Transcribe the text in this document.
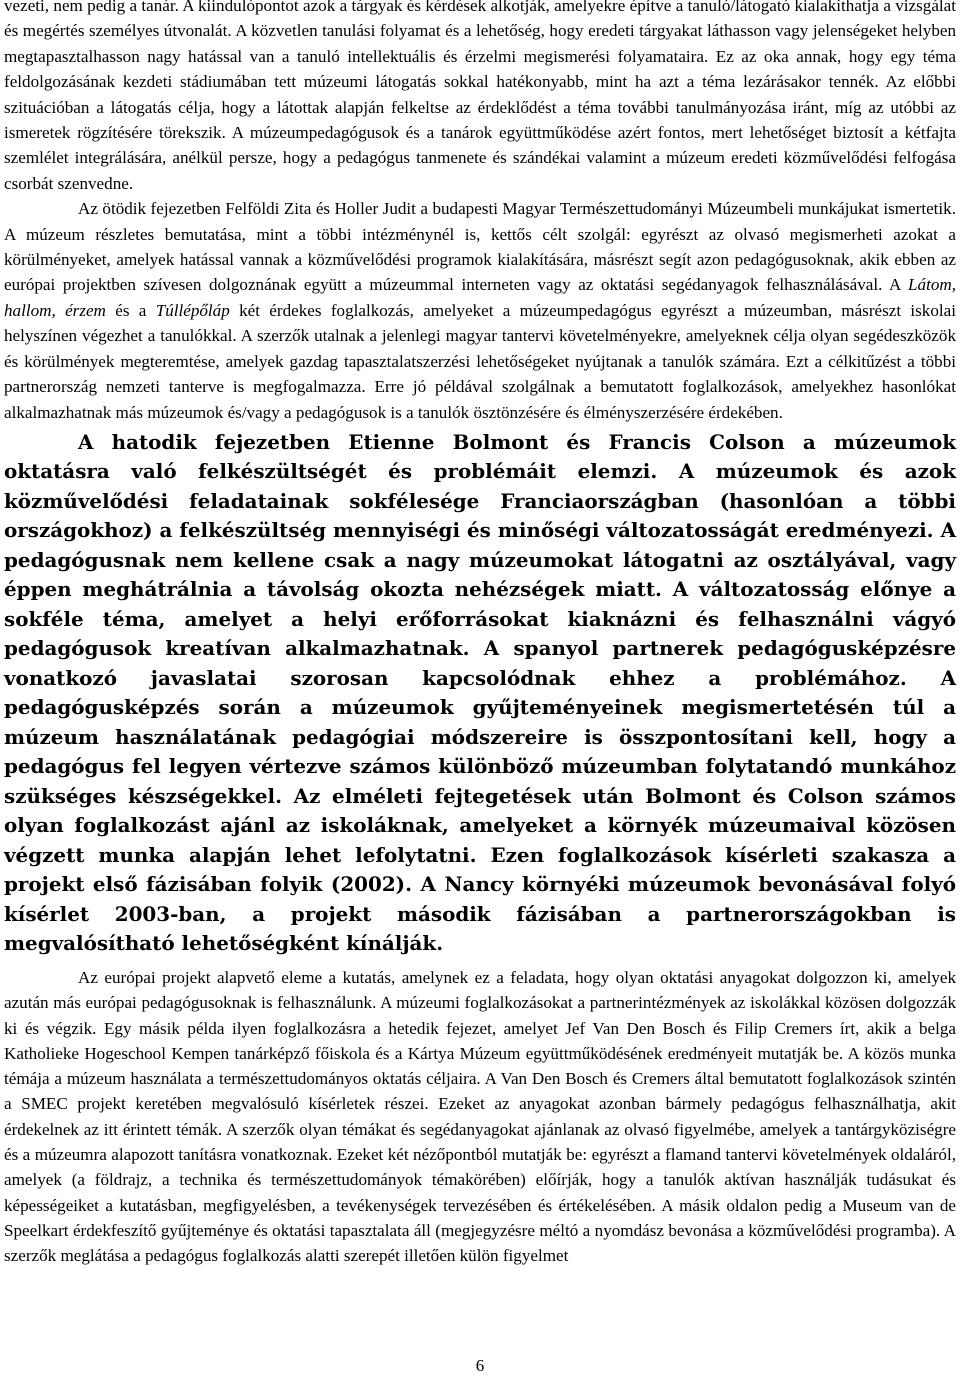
vezeti, nem pedig a tanár. A kiindulópontot azok a tárgyak és kérdések alkotják, amelyekre építve a tanuló/látogató kialakíthatja a vizsgálat és megértés személyes útvonalát. A közvetlen tanulási folyamat és a lehetőség, hogy eredeti tárgyakat láthasson vagy jelenségeket helyben megtapasztalhasson nagy hatással van a tanuló intellektuális és érzelmi megismerési folyamataira. Ez az oka annak, hogy egy téma feldolgozásának kezdeti stádiumában tett múzeumi látogatás sokkal hatékonyabb, mint ha azt a téma lezárásakor tennék. Az előbbi szituációban a látogatás célja, hogy a látottak alapján felkeltse az érdeklődést a téma további tanulmányozása iránt, míg az utóbbi az ismeretek rögzítésére törekszik. A múzeumpedagógusok és a tanárok együttműködése azért fontos, mert lehetőséget biztosít a kétfajta szemlélet integrálására, anélkül persze, hogy a pedagógus tanmenete és szándékai valamint a múzeum eredeti közművelődési felfogása csorbát szenvedne.

Az ötödik fejezetben Felföldi Zita és Holler Judit a budapesti Magyar Természettudományi Múzeumbeli munkájukat ismertetik. A múzeum részletes bemutatása, mint a többi intézménynél is, kettős célt szolgál: egyrészt az olvasó megismerheti azokat a körülményeket, amelyek hatással vannak a közművelődési programok kialakítására, másrészt segít azon pedagógusoknak, akik ebben az európai projektben szívesen dolgoznának együtt a múzeummal interneten vagy az oktatási segédanyagok felhasználásával. A Látom, hallom, érzem és a Túllépőláp két érdekes foglalkozás, amelyeket a múzeumpedagógus egyrészt a múzeumban, másrészt iskolai helyszínen végezhet a tanulókkal. A szerzők utalnak a jelenlegi magyar tantervi követelményekre, amelyeknek célja olyan segédeszközök és körülmények megteremtése, amelyek gazdag tapasztalatszerzési lehetőségeket nyújtanak a tanulók számára. Ezt a célkitűzést a többi partnerország nemzeti tanterve is megfogalmazza. Erre jó példával szolgálnak a bemutatott foglalkozások, amelyekhez hasonlókat alkalmazhatnak más múzeumok és/vagy a pedagógusok is a tanulók ösztönzésére és élményszerzésére érdekében.

A hatodik fejezetben Etienne Bolmont és Francis Colson a múzeumok oktatásra való felkészültségét és problémáit elemzi. A múzeumok és azok közművelődési feladatainak sokfélesége Franciaországban (hasonlóan a többi országokhoz) a felkészültség mennyiségi és minőségi változatosságát eredményezi. A pedagógusnak nem kellene csak a nagy múzeumokat látogatni az osztályával, vagy éppen meghátrálnia a távolság okozta nehézségek miatt. A változatosság előnye a sokféle téma, amelyet a helyi erőforrásokat kiaknázni és felhasználni vágyó pedagógusok kreatívan alkalmazhatnak. A spanyol partnerek pedagógusképzésre vonatkozó javaslatai szorosan kapcsolódnak ehhez a problémához. A pedagógusképzés során a múzeumok gyűjteményeinek megismertetésén túl a múzeum használatának pedagógiai módszereire is összpontosítani kell, hogy a pedagógus fel legyen vértezve számos különböző múzeumban folytatandó munkához szükséges készségekkel. Az elméleti fejtegetések után Bolmont és Colson számos olyan foglalkozást ajánl az iskoláknak, amelyeket a környék múzeumaival közösen végzett munka alapján lehet lefolytatni. Ezen foglalkozások kísérleti szakasza a projekt első fázisában folyik (2002). A Nancy környéki múzeumok bevonásával folyó kísérlet 2003-ban, a projekt második fázisában a partnerországokban is megvalósítható lehetőségként kínálják.

Az európai projekt alapvető eleme a kutatás, amelynek ez a feladata, hogy olyan oktatási anyagokat dolgozzon ki, amelyek azután más európai pedagógusoknak is felhasználunk. A múzeumi foglalkozásokat a partnerintézmények az iskolákkal közösen dolgozzák ki és végzik. Egy másik példa ilyen foglalkozásra a hetedik fejezet, amelyet Jef Van Den Bosch és Filip Cremers írt, akik a belga Katholieke Hogeschool Kempen tanárképző főiskola és a Kártya Múzeum együttműködésének eredményeit mutatják be. A közös munka témája a múzeum használata a természettudományos oktatás céljaira. A Van Den Bosch és Cremers által bemutatott foglalkozások szintén a SMEC projekt keretében megvalósuló kísérletek részei. Ezeket az anyagokat azonban bármely pedagógus felhasználhatja, akit érdekelnek az itt érintett témák. A szerzők olyan témákat és segédanyagokat ajánlanak az olvasó figyelmébe, amelyek a tantárgyköziségre és a múzeumra alapozott tanításra vonatkoznak. Ezeket két nézőpontból mutatják be: egyrészt a flamand tantervi követelmények oldaláról, amelyek (a földrajz, a technika és természettudományok témakörében) előírják, hogy a tanulók aktívan használják tudásukat és képességeiket a kutatásban, megfigyelésben, a tevékenységek tervezésében és értékelésében. A másik oldalon pedig a Museum van de Speelkart érdekfeszítő gyűjteménye és oktatási tapasztalata áll (megjegyzésre méltó a nyomdász bevonása a közművelődési programba). A szerzők meglátása a pedagógus foglalkozás alatti szerepét illetően külön figyelmet

6
